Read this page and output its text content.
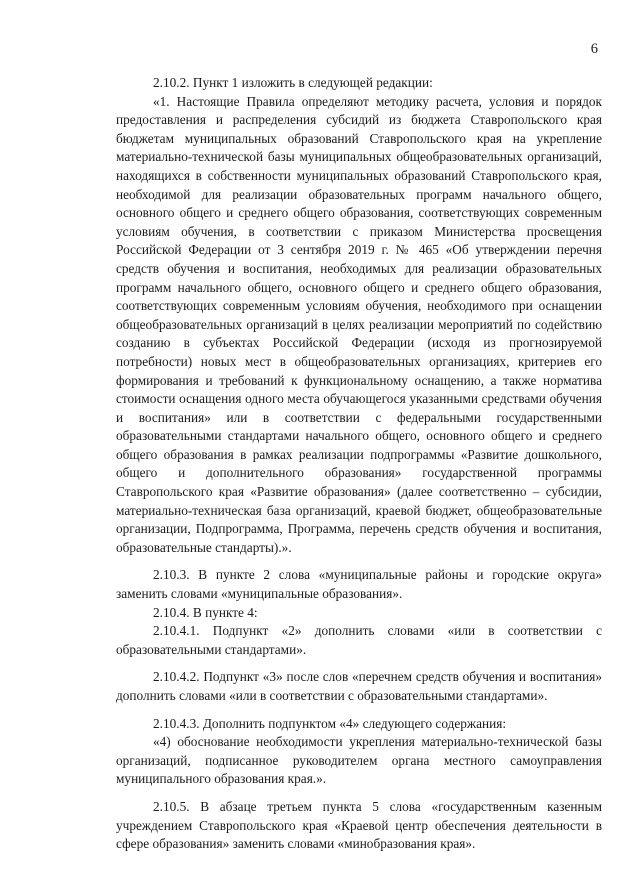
6

2.10.2. Пункт 1 изложить в следующей редакции:

«1. Настоящие Правила определяют методику расчета, условия и порядок предоставления и распределения субсидий из бюджета Ставропольского края бюджетам муниципальных образований Ставропольского края на укрепление материально-технической базы муниципальных общеобразовательных организаций, находящихся в собственности муниципальных образований Ставропольского края, необходимой для реализации образовательных программ начального общего, основного общего и среднего общего образования, соответствующих современным условиям обучения, в соответствии с приказом Министерства просвещения Российской Федерации от 3 сентября 2019 г. № 465 «Об утверждении перечня средств обучения и воспитания, необходимых для реализации образовательных программ начального общего, основного общего и среднего общего образования, соответствующих современным условиям обучения, необходимого при оснащении общеобразовательных организаций в целях реализации мероприятий по содействию созданию в субъектах Российской Федерации (исходя из прогнозируемой потребности) новых мест в общеобразовательных организациях, критериев его формирования и требований к функциональному оснащению, а также норматива стоимости оснащения одного места обучающегося указанными средствами обучения и воспитания» или в соответствии с федеральными государственными образовательными стандартами начального общего, основного общего и среднего общего образования в рамках реализации подпрограммы «Развитие дошкольного, общего и дополнительного образования» государственной программы Ставропольского края «Развитие образования» (далее соответственно – субсидии, материально-техническая база организаций, краевой бюджет, общеобразовательные организации, Подпрограмма, Программа, перечень средств обучения и воспитания, образовательные стандарты).».

2.10.3. В пункте 2 слова «муниципальные районы и городские округа» заменить словами «муниципальные образования».

2.10.4. В пункте 4:

2.10.4.1. Подпункт «2» дополнить словами «или в соответствии с образовательными стандартами».

2.10.4.2. Подпункт «3» после слов «перечнем средств обучения и воспитания» дополнить словами «или в соответствии с образовательными стандартами».

2.10.4.3. Дополнить подпунктом «4» следующего содержания:

«4) обоснование необходимости укрепления материально-технической базы организаций, подписанное руководителем органа местного самоуправления муниципального образования края.».

2.10.5. В абзаце третьем пункта 5 слова «государственным казенным учреждением Ставропольского края «Краевой центр обеспечения деятельности в сфере образования» заменить словами «минобразования края».
